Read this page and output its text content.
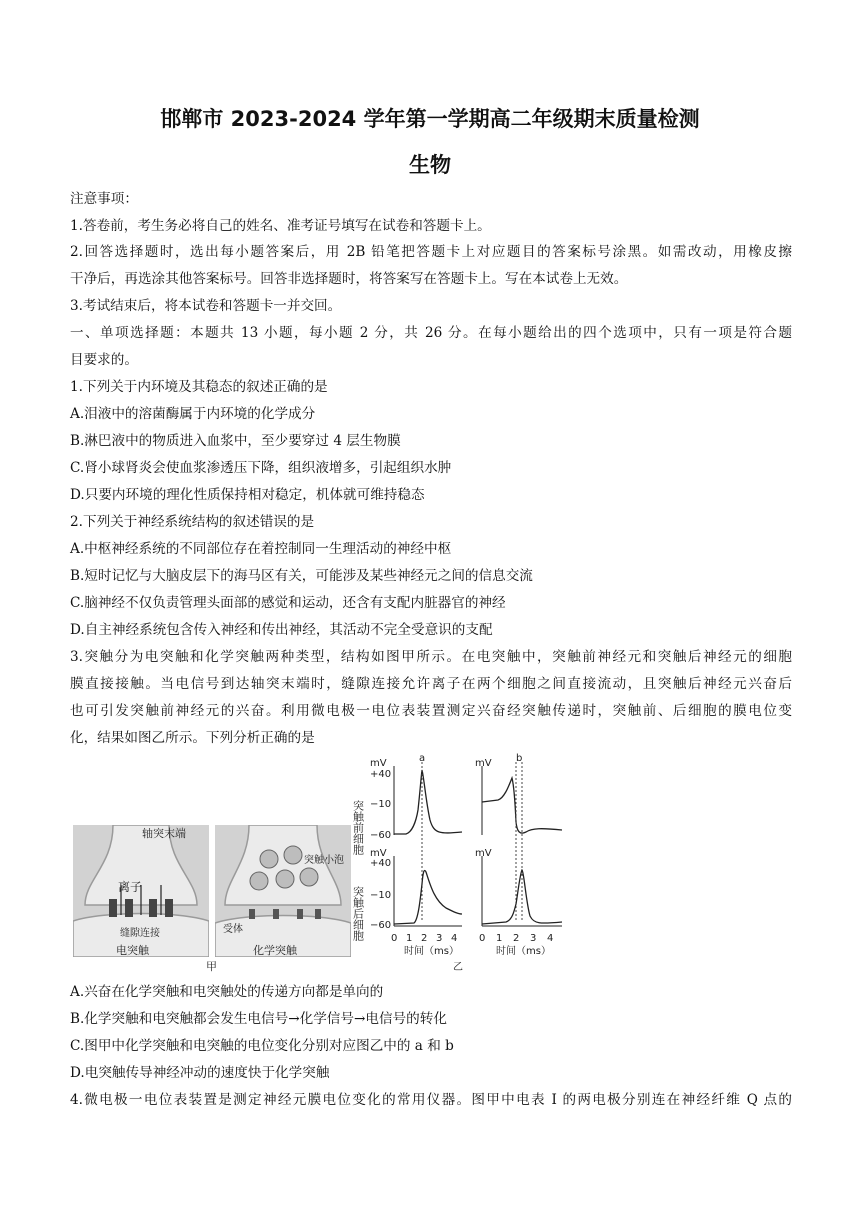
邯郸市 2023-2024 学年第一学期高二年级期末质量检测
生物
注意事项：
1.答卷前，考生务必将自己的姓名、准考证号填写在试卷和答题卡上。
2.回答选择题时，选出每小题答案后，用 2B 铅笔把答题卡上对应题目的答案标号涂黑。如需改动，用橡皮擦
干净后，再选涂其他答案标号。回答非选择题时，将答案写在答题卡上。写在本试卷上无效。
3.考试结束后，将本试卷和答题卡一并交回。
一、单项选择题：本题共 13 小题，每小题 2 分，共 26 分。在每小题给出的四个选项中，只有一项是符合题
目要求的。
1.下列关于内环境及其稳态的叙述正确的是
A.泪液中的溶菌酶属于内环境的化学成分
B.淋巴液中的物质进入血浆中，至少要穿过 4 层生物膜
C.肾小球肾炎会使血浆渗透压下降，组织液增多，引起组织水肿
D.只要内环境的理化性质保持相对稳定，机体就可维持稳态
2.下列关于神经系统结构的叙述错误的是
A.中枢神经系统的不同部位存在着控制同一生理活动的神经中枢
B.短时记忆与大脑皮层下的海马区有关，可能涉及某些神经元之间的信息交流
C.脑神经不仅负责管理头面部的感觉和运动，还含有支配内脏器官的神经
D.自主神经系统包含传入神经和传出神经，其活动不完全受意识的支配
3.突触分为电突触和化学突触两种类型，结构如图甲所示。在电突触中，突触前神经元和突触后神经元的细胞
膜直接接触。当电信号到达轴突末端时，缝隙连接允许离子在两个细胞之间直接流动，且突触后神经元兴奋后
也可引发突触前神经元的兴奋。利用微电极一电位表装置测定兴奋经突触传递时，突触前、后细胞的膜电位变
化，结果如图乙所示。下列分析正确的是
轴突末端
离子
缝隙连接
电突触
突触小泡
受体
化学突触
甲
突触前细胞
突触后细胞
mV
+40
−10
−60
a	mV b
mV
+40
−10
−60
mV
0 1 2 3 4
时间（ms）
0 1 2 3 4
时间（ms）
乙
A.兴奋在化学突触和电突触处的传递方向都是单向的
B.化学突触和电突触都会发生电信号→化学信号→电信号的转化
C.图甲中化学突触和电突触的电位变化分别对应图乙中的 a 和 b
D.电突触传导神经冲动的速度快于化学突触
4.微电极一电位表装置是测定神经元膜电位变化的常用仪器。图甲中电表 I 的两电极分别连在神经纤维 Q 点的
